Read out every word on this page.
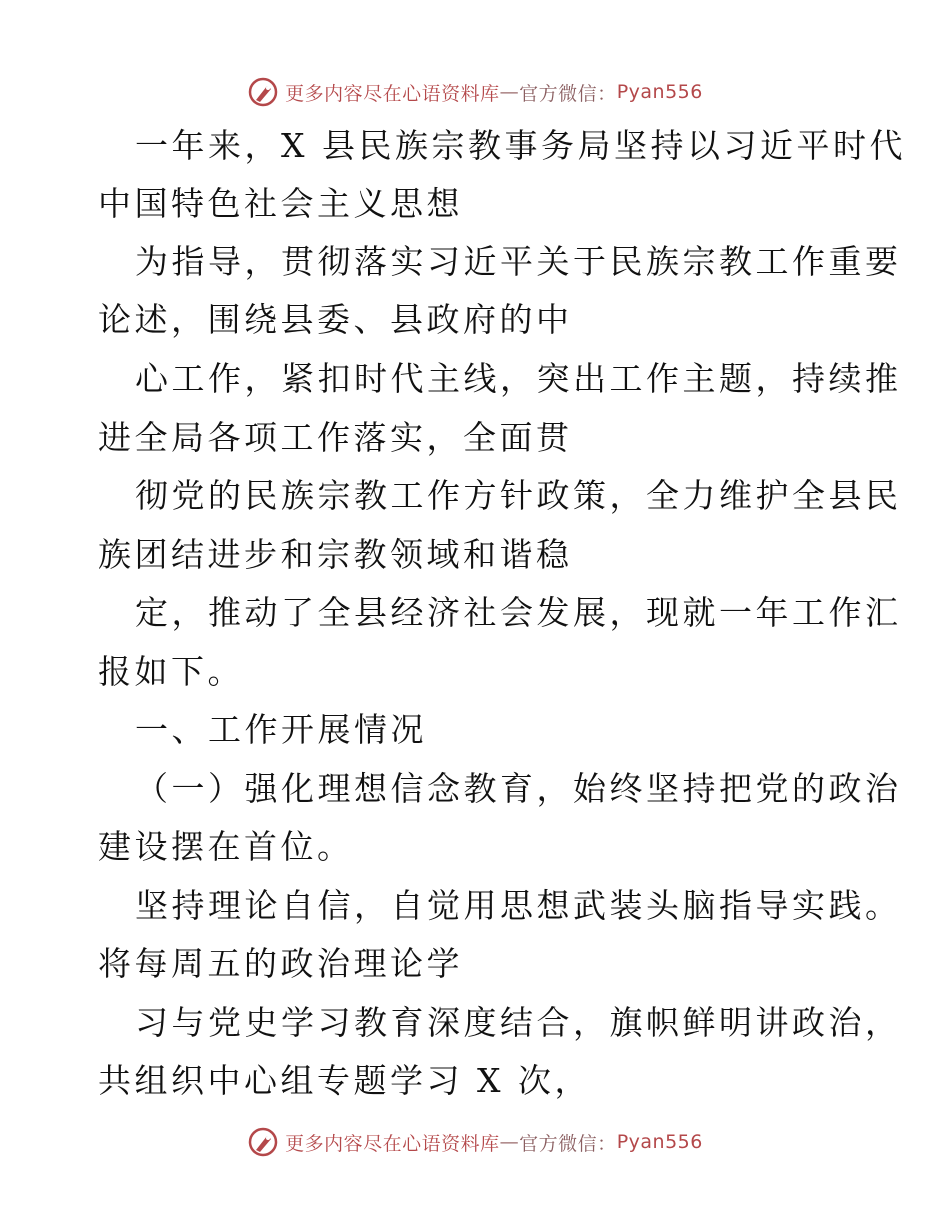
更多内容尽在心语资料库 — 官方微信： Pyan556
一年来，X 县民族宗教事务局坚持以习近平时代
中国特色社会主义思想
为指导，贯彻落实习近平关于民族宗教工作重要
论述，围绕县委、县政府的中
心工作，紧扣时代主线，突出工作主题，持续推
进全局各项工作落实，全面贯
彻党的民族宗教工作方针政策，全力维护全县民
族团结进步和宗教领域和谐稳
定，推动了全县经济社会发展，现就一年工作汇
报如下。
一、工作开展情况
（一）强化理想信念教育，始终坚持把党的政治
建设摆在首位。
坚持理论自信，自觉用思想武装头脑指导实践。
将每周五的政治理论学
习与党史学习教育深度结合，旗帜鲜明讲政治，
共组织中心组专题学习 X 次，
更多内容尽在心语资料库 — 官方微信： Pyan556
